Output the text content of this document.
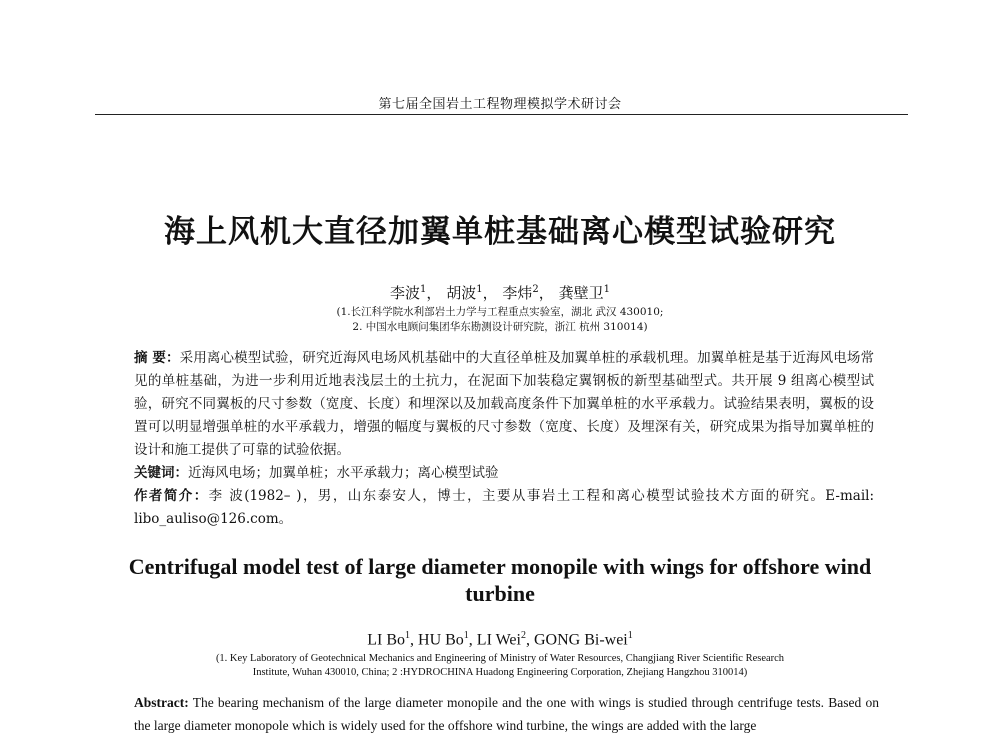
第七届全国岩土工程物理模拟学术研讨会
海上风机大直径加翼单桩基础离心模型试验研究
李波$^1$， 胡波$^1$， 李炜$^2$， 龚壁卫$^1$
(1.长江科学院水利部岩土力学与工程重点实验室，湖北 武汉 430010;
2. 中国水电顾问集团华东勘测设计研究院，浙江 杭州 310014)

摘 要：采用离心模型试验，研究近海风电场风机基础中的大直径单桩及加翼单桩的承载机理。加翼单桩是基于近海风电场常见的单桩基础，为进一步利用近地表浅层土的土抗力，在泥面下加装稳定翼钢板的新型基础型式。共开展 9 组离心模型试验，研究不同翼板的尺寸参数（宽度、长度）和埋深以及加载高度条件下加翼单桩的水平承载力。试验结果表明，翼板的设置可以明显增强单桩的水平承载力，增强的幅度与翼板的尺寸参数（宽度、长度）及埋深有关，研究成果为指导加翼单桩的设计和施工提供了可靠的试验依据。

关键词：近海风电场；加翼单桩；水平承载力；离心模型试验

作者简介：李 波(1982– )，男，山东泰安人，博士，主要从事岩土工程和离心模型试验技术方面的研究。E-mail: libo_auliso@126.com。

Centrifugal model test of large diameter monopile with wings for offshore wind turbine
LI Bo$^1$, HU Bo$^1$, LI Wei$^2$, GONG Bi-wei$^1$
(1. Key Laboratory of Geotechnical Mechanics and Engineering of Ministry of Water Resources, Changjiang River Scientific Research
Institute, Wuhan 430010, China; 2 :HYDROCHINA Huadong Engineering Corporation, Zhejiang Hangzhou 310014)

Abstract: The bearing mechanism of the large diameter monopile and the one with wings is studied through centrifuge tests. Based on the large diameter monopole which is widely used for the offshore wind turbine, the wings are added with the large
